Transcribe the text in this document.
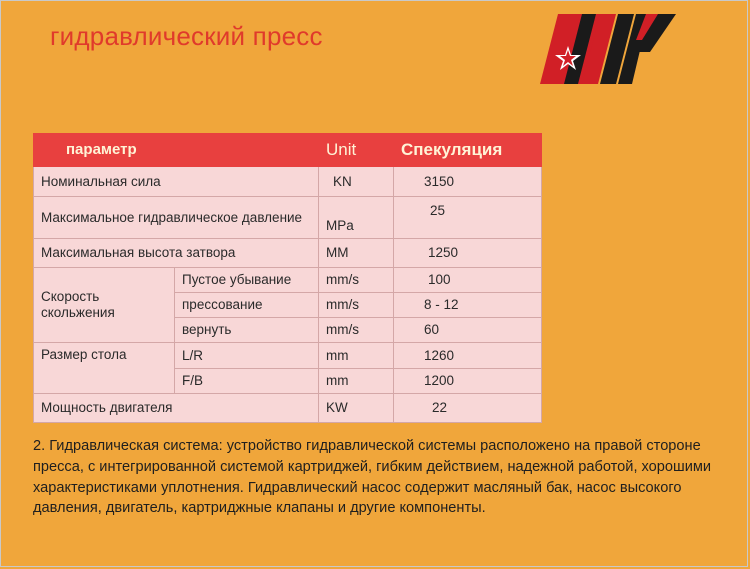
гидравлический пресс
параметр		Unit	Спекуляция
Номинальная сила		KN	3150
Максимальное гидравлическое давление		MPa	25
Максимальная высота затвора		MM	1250
Скорость скольжения	Пустое убывание	mm/s	100
	прессование	mm/s	8 - 12
	вернуть	mm/s	60
Размер стола	L/R	mm	1260
	F/B	mm	1200
Мощность двигателя		KW	22
2. Гидравлическая система: устройство гидравлической системы расположено на правой стороне пресса, с интегрированной системой картриджей, гибким действием, надежной работой, хорошими характеристиками уплотнения. Гидравлический насос содержит масляный бак, насос высокого давления, двигатель, картриджные клапаны и другие компоненты.
